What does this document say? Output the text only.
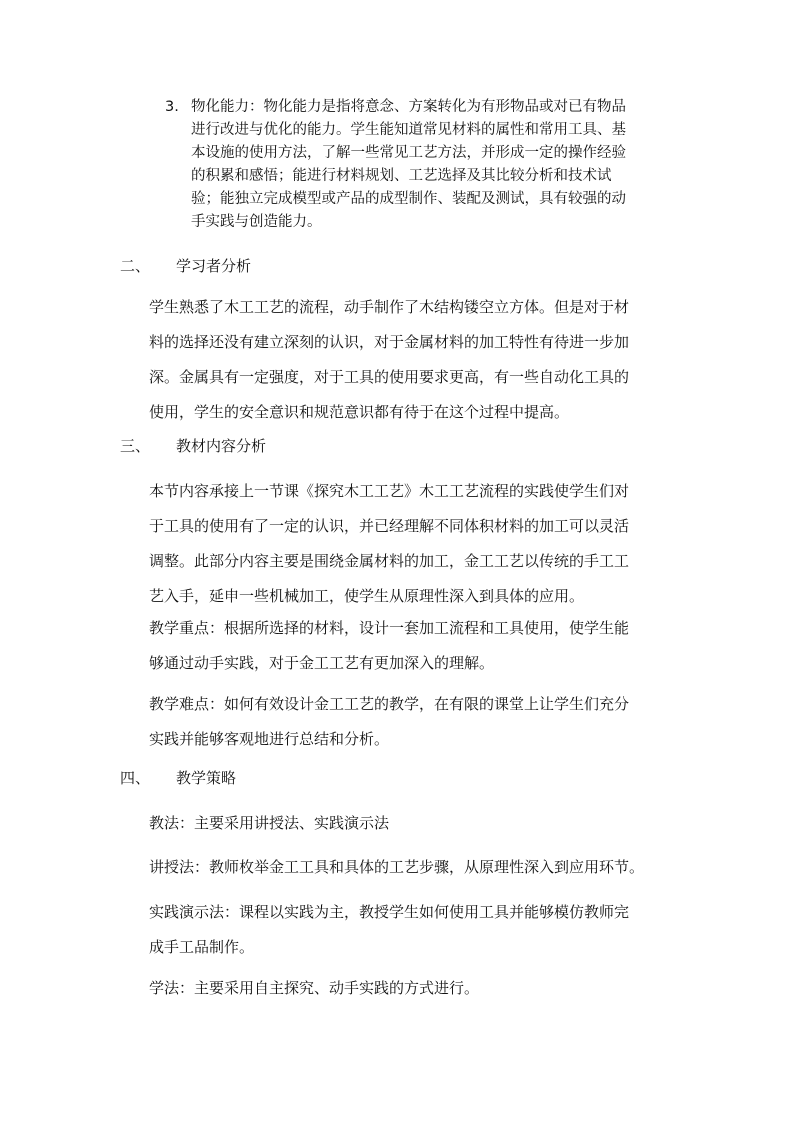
3. 物化能力：物化能力是指将意念、方案转化为有形物品或对已有物品
进行改进与优化的能力。学生能知道常见材料的属性和常用工具、基
本设施的使用方法，了解一些常见工艺方法，并形成一定的操作经验
的积累和感悟；能进行材料规划、工艺选择及其比较分析和技术试
验；能独立完成模型或产品的成型制作、装配及测试，具有较强的动
手实践与创造能力。
二、 学习者分析
学生熟悉了木工工艺的流程，动手制作了木结构镂空立方体。但是对于材
料的选择还没有建立深刻的认识，对于金属材料的加工特性有待进一步加
深。金属具有一定强度，对于工具的使用要求更高，有一些自动化工具的
使用，学生的安全意识和规范意识都有待于在这个过程中提高。
三、 教材内容分析
本节内容承接上一节课《探究木工工艺》木工工艺流程的实践使学生们对
于工具的使用有了一定的认识，并已经理解不同体积材料的加工可以灵活
调整。此部分内容主要是围绕金属材料的加工，金工工艺以传统的手工工
艺入手，延申一些机械加工，使学生从原理性深入到具体的应用。
教学重点：根据所选择的材料，设计一套加工流程和工具使用，使学生能
够通过动手实践，对于金工工艺有更加深入的理解。
教学难点：如何有效设计金工工艺的教学，在有限的课堂上让学生们充分
实践并能够客观地进行总结和分析。
四、 教学策略
教法：主要采用讲授法、实践演示法
讲授法：教师枚举金工工具和具体的工艺步骤，从原理性深入到应用环节。
实践演示法：课程以实践为主，教授学生如何使用工具并能够模仿教师完
成手工品制作。
学法：主要采用自主探究、动手实践的方式进行。
